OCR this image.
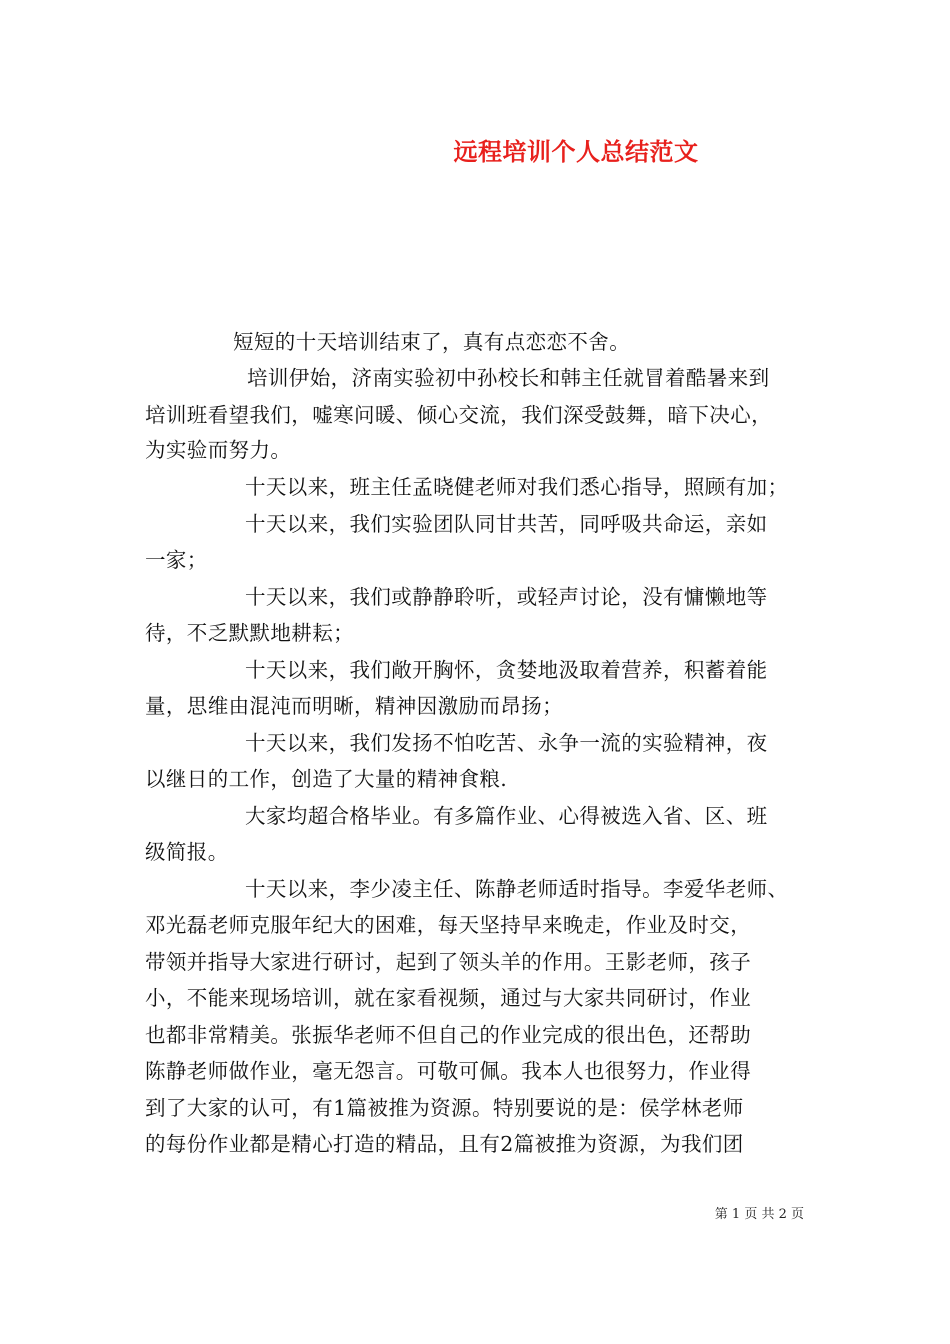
远程培训个人总结范文
短短的十天培训结束了，真有点恋恋不舍。
培训伊始，济南实验初中孙校长和韩主任就冒着酷暑来到
培训班看望我们，嘘寒问暖、倾心交流，我们深受鼓舞，暗下决心，
为实验而努力。
十天以来，班主任孟晓健老师对我们悉心指导，照顾有加；
十天以来，我们实验团队同甘共苦，同呼吸共命运，亲如
一家；
十天以来，我们或静静聆听，或轻声讨论，没有慵懒地等
待，不乏默默地耕耘；
十天以来，我们敞开胸怀，贪婪地汲取着营养，积蓄着能
量，思维由混沌而明晰，精神因激励而昂扬；
十天以来，我们发扬不怕吃苦、永争一流的实验精神，夜
以继日的工作，创造了大量的精神食粮.
大家均超合格毕业。有多篇作业、心得被选入省、区、班
级简报。
十天以来，李少凌主任、陈静老师适时指导。李爱华老师、
邓光磊老师克服年纪大的困难，每天坚持早来晚走，作业及时交，
带领并指导大家进行研讨，起到了领头羊的作用。王影老师，孩子
小，不能来现场培训，就在家看视频，通过与大家共同研讨，作业
也都非常精美。张振华老师不但自己的作业完成的很出色，还帮助
陈静老师做作业，毫无怨言。可敬可佩。我本人也很努力，作业得
到了大家的认可，有1篇被推为资源。特别要说的是：侯学林老师
的每份作业都是精心打造的精品，且有2篇被推为资源，为我们团
第 1 页 共 2 页
